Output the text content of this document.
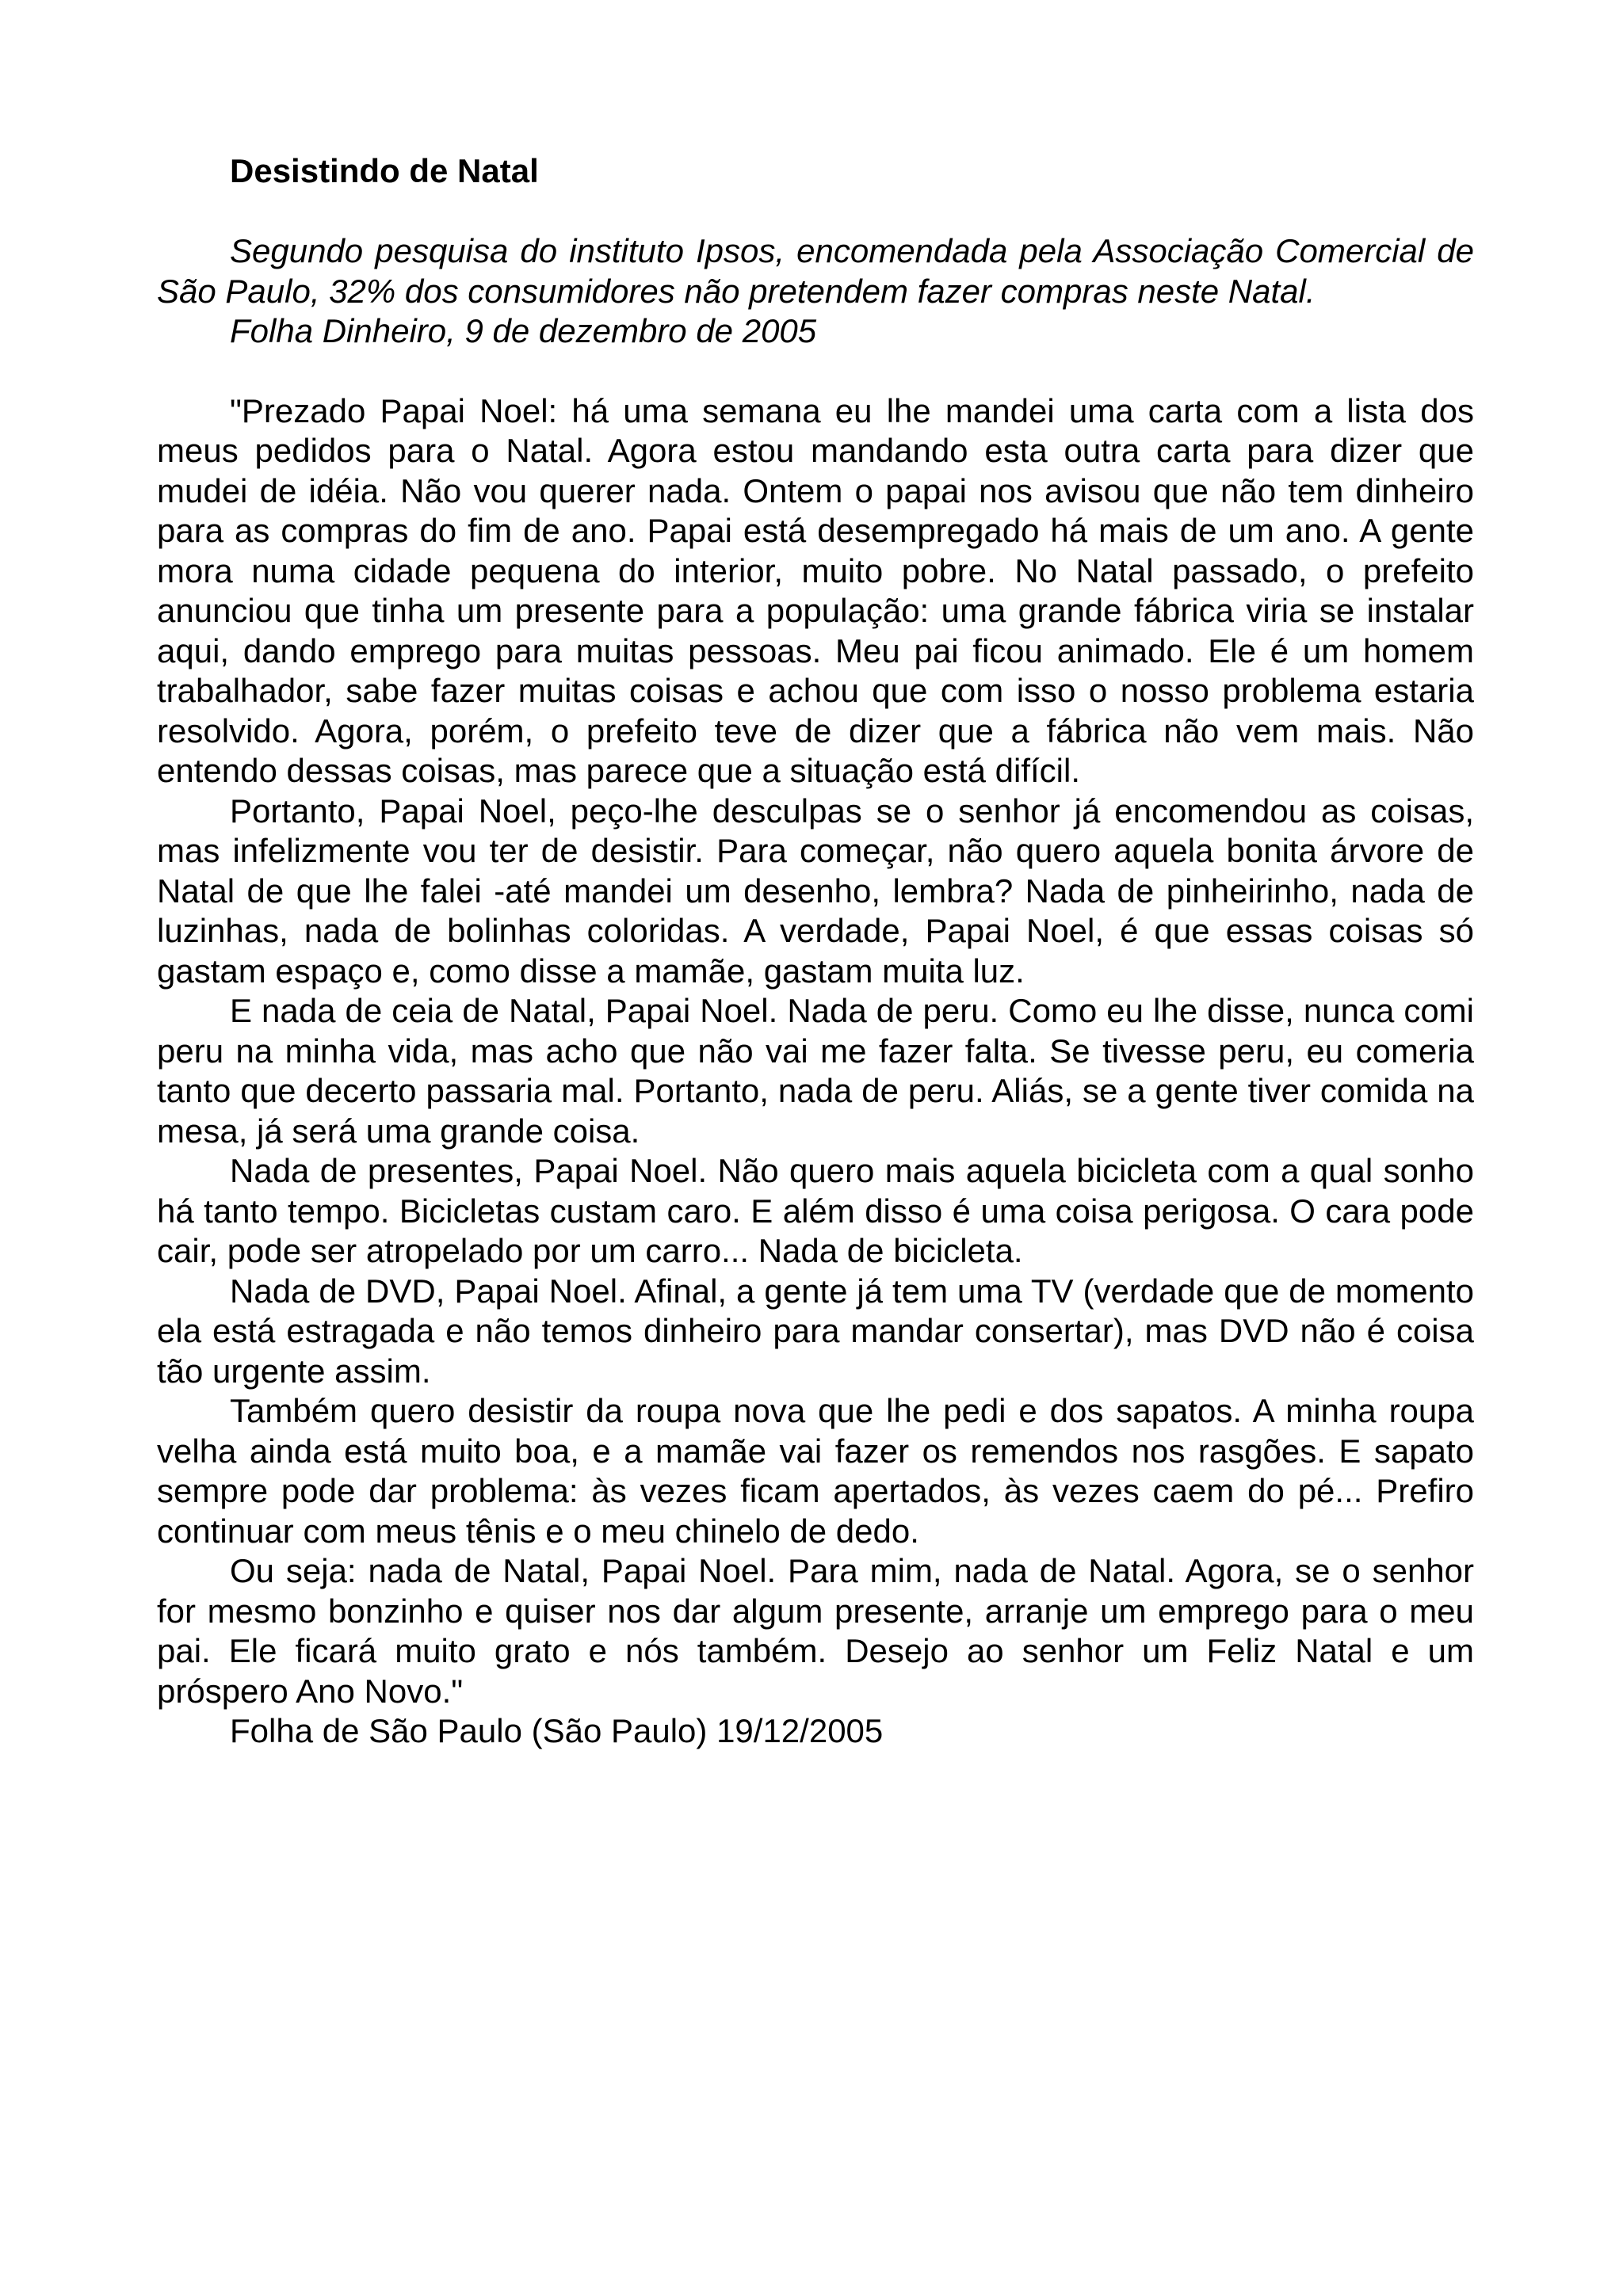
Desistindo de Natal
Segundo pesquisa do instituto Ipsos, encomendada pela Associação Comercial de São Paulo, 32% dos consumidores não pretendem fazer compras neste Natal.
Folha Dinheiro, 9 de dezembro de 2005

"Prezado Papai Noel: há uma semana eu lhe mandei uma carta com a lista dos meus pedidos para o Natal. Agora estou mandando esta outra carta para dizer que mudei de idéia. Não vou querer nada. Ontem o papai nos avisou que não tem dinheiro para as compras do fim de ano. Papai está desempregado há mais de um ano. A gente mora numa cidade pequena do interior, muito pobre. No Natal passado, o prefeito anunciou que tinha um presente para a população: uma grande fábrica viria se instalar aqui, dando emprego para muitas pessoas. Meu pai ficou animado. Ele é um homem trabalhador, sabe fazer muitas coisas e achou que com isso o nosso problema estaria resolvido. Agora, porém, o prefeito teve de dizer que a fábrica não vem mais. Não entendo dessas coisas, mas parece que a situação está difícil.

Portanto, Papai Noel, peço-lhe desculpas se o senhor já encomendou as coisas, mas infelizmente vou ter de desistir. Para começar, não quero aquela bonita árvore de Natal de que lhe falei -até mandei um desenho, lembra? Nada de pinheirinho, nada de luzinhas, nada de bolinhas coloridas. A verdade, Papai Noel, é que essas coisas só gastam espaço e, como disse a mamãe, gastam muita luz.

E nada de ceia de Natal, Papai Noel. Nada de peru. Como eu lhe disse, nunca comi peru na minha vida, mas acho que não vai me fazer falta. Se tivesse peru, eu comeria tanto que decerto passaria mal. Portanto, nada de peru. Aliás, se a gente tiver comida na mesa, já será uma grande coisa.

Nada de presentes, Papai Noel. Não quero mais aquela bicicleta com a qual sonho há tanto tempo. Bicicletas custam caro. E além disso é uma coisa perigosa. O cara pode cair, pode ser atropelado por um carro... Nada de bicicleta.

Nada de DVD, Papai Noel. Afinal, a gente já tem uma TV (verdade que de momento ela está estragada e não temos dinheiro para mandar consertar), mas DVD não é coisa tão urgente assim.

Também quero desistir da roupa nova que lhe pedi e dos sapatos. A minha roupa velha ainda está muito boa, e a mamãe vai fazer os remendos nos rasgões. E sapato sempre pode dar problema: às vezes ficam apertados, às vezes caem do pé... Prefiro continuar com meus tênis e o meu chinelo de dedo.

Ou seja: nada de Natal, Papai Noel. Para mim, nada de Natal. Agora, se o senhor for mesmo bonzinho e quiser nos dar algum presente, arranje um emprego para o meu pai. Ele ficará muito grato e nós também. Desejo ao senhor um Feliz Natal e um próspero Ano Novo."

Folha de São Paulo (São Paulo) 19/12/2005
